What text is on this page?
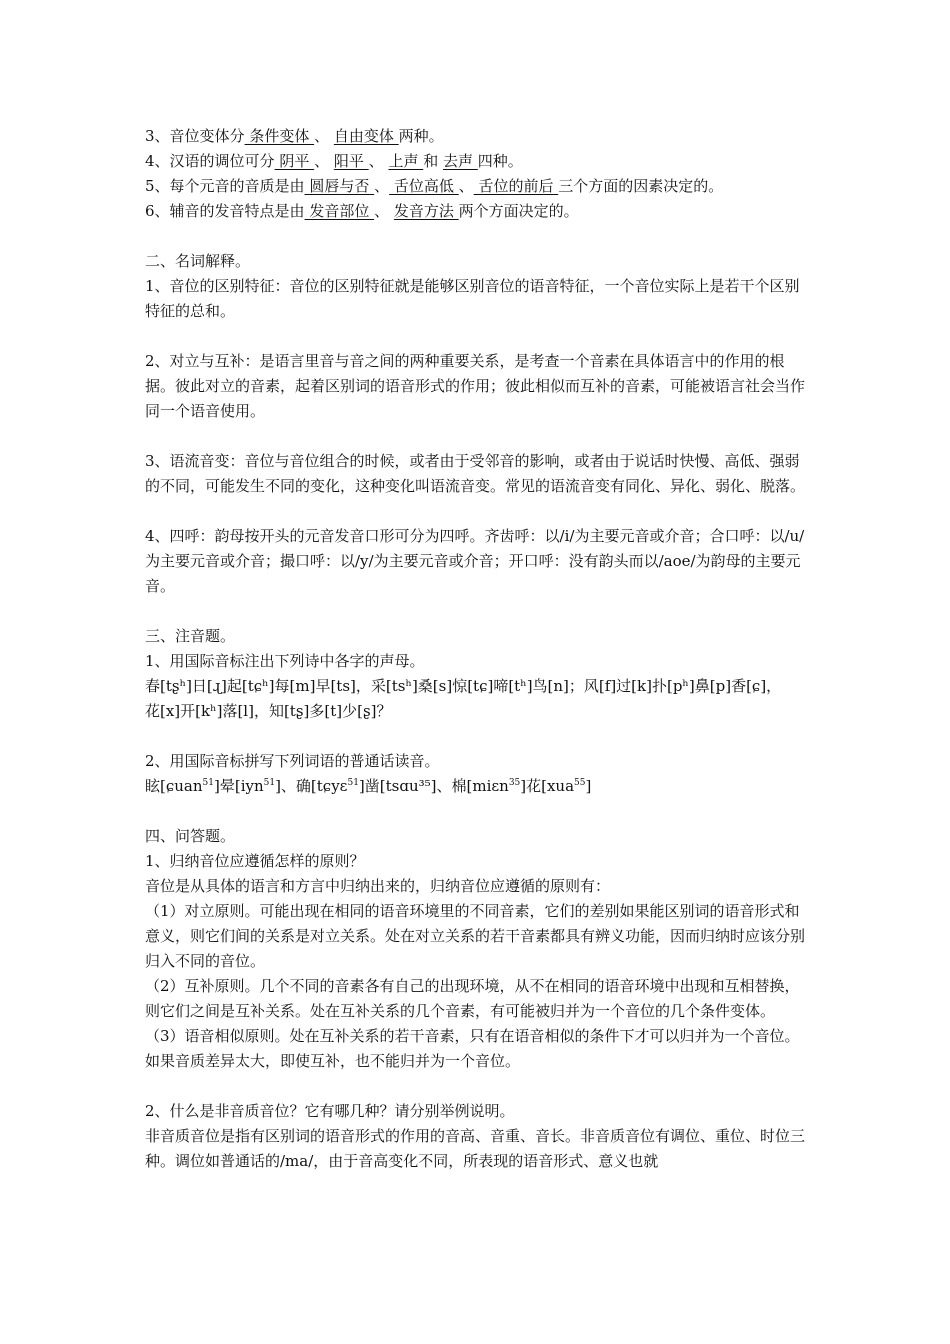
3、音位变体分 条件变体 、 自由变体 两种。
4、汉语的调位可分 阴平 、 阳平 、 上声 和 去声 四种。
5、每个元音的音质是由 圆唇与否 、 舌位高低 、 舌位的前后 三个方面的因素决定的。
6、辅音的发音特点是由 发音部位 、 发音方法 两个方面决定的。
二、名词解释。
1、音位的区别特征：音位的区别特征就是能够区别音位的语音特征，一个音位实际上是若干个区别特征的总和。
2、对立与互补：是语言里音与音之间的两种重要关系，是考查一个音素在具体语言中的作用的根据。彼此对立的音素，起着区别词的语音形式的作用；彼此相似而互补的音素，可能被语言社会当作同一个语音使用。
3、语流音变：音位与音位组合的时候，或者由于受邻音的影响，或者由于说话时快慢、高低、强弱的不同，可能发生不同的变化，这种变化叫语流音变。常见的语流音变有同化、异化、弱化、脱落。
4、四呼：韵母按开头的元音发音口形可分为四呼。齐齿呼：以/i/为主要元音或介音；合口呼：以/u/为主要元音或介音；撮口呼：以/y/为主要元音或介音；开口呼：没有韵头而以/aoe/为韵母的主要元音。
三、注音题。
1、用国际音标注出下列诗中各字的声母。
春[tʂʰ]日[ɻ]起[tɕʰ]每[m]早[ts]，采[tsʰ]桑[s]惊[tɕ]啼[tʰ]鸟[n]；风[f]过[k]扑[pʰ]鼻[p]香[ɕ]，
花[x]开[kʰ]落[l]，知[tʂ]多[t]少[ʂ]？
2、用国际音标拼写下列词语的普通话读音。
眩[ɕuan$^{51}$]晕[iyn$^{51}$]、确[tɕyɛ$^{51}$]凿[tsɑu³⁵]、棉[miɛn$^{35}$]花[xua$^{55}$]
四、问答题。
1、归纳音位应遵循怎样的原则？
音位是从具体的语言和方言中归纳出来的，归纳音位应遵循的原则有：
（1）对立原则。可能出现在相同的语音环境里的不同音素，它们的差别如果能区别词的语音形式和意义，则它们间的关系是对立关系。处在对立关系的若干音素都具有辨义功能，因而归纳时应该分别归入不同的音位。
（2）互补原则。几个不同的音素各有自己的出现环境，从不在相同的语音环境中出现和互相替换，则它们之间是互补关系。处在互补关系的几个音素，有可能被归并为一个音位的几个条件变体。
（3）语音相似原则。处在互补关系的若干音素，只有在语音相似的条件下才可以归并为一个音位。如果音质差异太大，即使互补，也不能归并为一个音位。
2、什么是非音质音位？它有哪几种？请分别举例说明。
非音质音位是指有区别词的语音形式的作用的音高、音重、音长。非音质音位有调位、重位、时位三种。调位如普通话的/ma/，由于音高变化不同，所表现的语音形式、意义也就
